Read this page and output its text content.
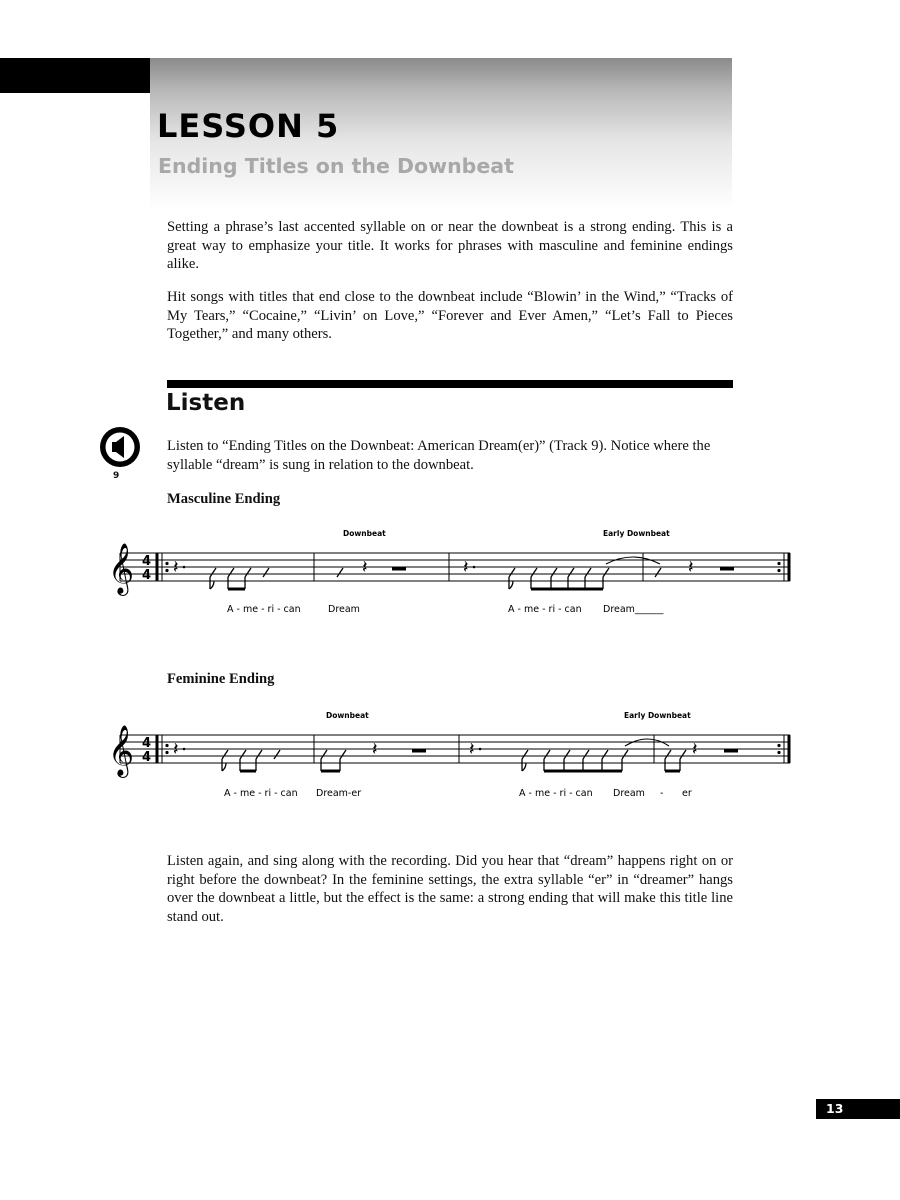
LESSON 5
Ending Titles on the Downbeat

Setting a phrase’s last accented syllable on or near the downbeat is a strong ending. This is a great way to emphasize your title. It works for phrases with masculine and feminine endings alike.

Hit songs with titles that end close to the downbeat include “Blowin’ in the Wind,” “Tracks of My Tears,” “Cocaine,” “Livin’ on Love,” “Forever and Ever Amen,” “Let’s Fall to Pieces Together,” and many others.

Listen
9

Listen to “Ending Titles on the Downbeat: American Dream(er)” (Track 9). Notice where the syllable “dream” is sung in relation to the downbeat.

Masculine Ending

𝄞 4
4 𝄽	𝄽	𝄽	𝄽
Downbeat	Early Downbeat
A - me - ri - can	Dream	A - me - ri - can Dream______

Feminine Ending

𝄞 4
4 𝄽	𝄽	𝄽	𝄽
Downbeat	Early Downbeat
A - me - ri - can Dream-er	A - me - ri - can Dream - er

Listen again, and sing along with the recording. Did you hear that “dream” happens right on or right before the downbeat? In the feminine settings, the extra syllable “er” in “dreamer” hangs over the downbeat a little, but the effect is the same: a strong ending that will make this title line stand out.

13
